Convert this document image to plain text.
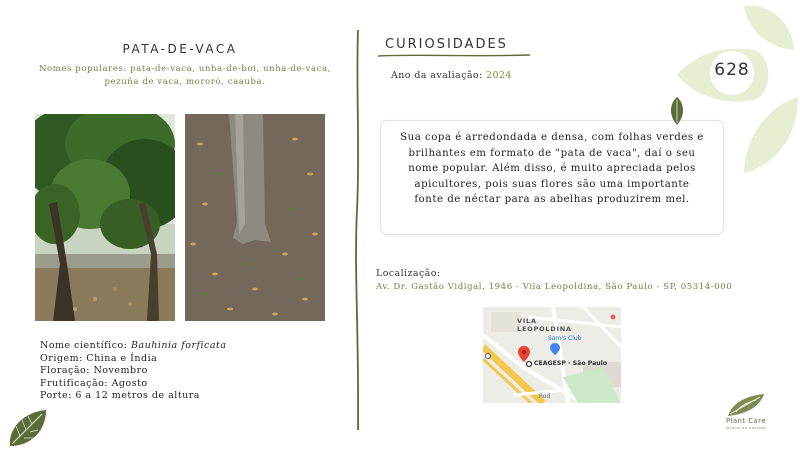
PATA-DE-VACA
Nomes populares: pata-de-vaca, unha-de-boi, unha-de-vaca, pezuña de vaca, mororó, caauba.
Nome científico: Bauhinia forficata
Origem: China e Índia
Floração: Novembro
Frutificação: Agosto
Porte: 6 a 12 metros de altura
CURIOSIDADES
Ano da avaliação: 2024

Sua copa é arredondada e densa, com folhas verdes e brilhantes em formato de "pata de vaca", daí o seu nome popular. Além disso, é muito apreciada pelos apicultores, pois suas flores são uma importante fonte de néctar para as abelhas produzirem mel.

Localização:
Av. Dr. Gastão Vidigal, 1946 - Vila Leopoldina, São Paulo - SP, 05314-000
VILA LEOPOLDINA
Sam's Club
CEAGESP - São Paulo
Rod
628
Plant Care
jardins de pessoas
